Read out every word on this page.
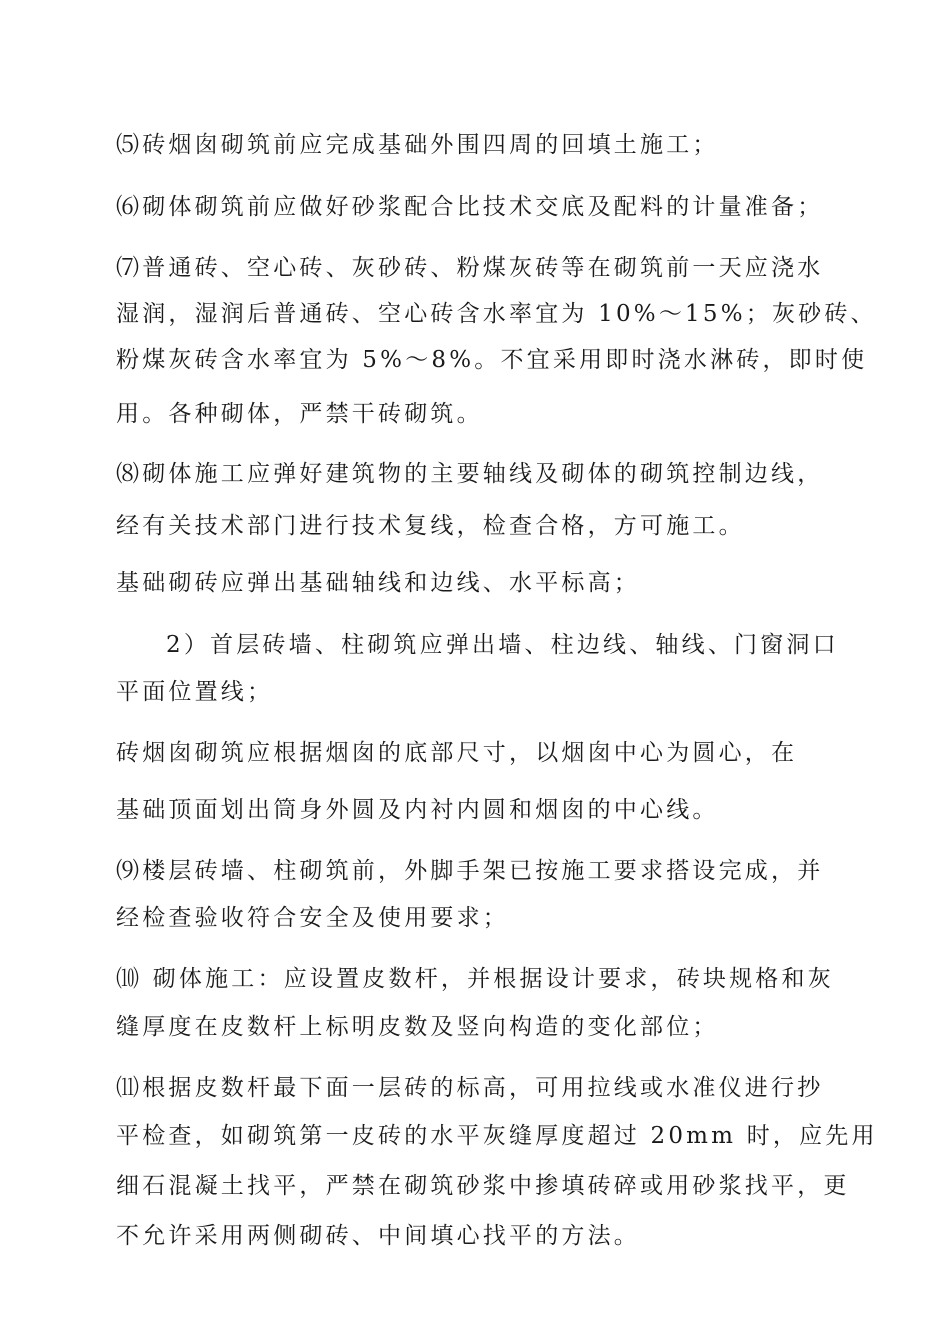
⑸砖烟囱砌筑前应完成基础外围四周的回填土施工；
⑹砌体砌筑前应做好砂浆配合比技术交底及配料的计量准备；
⑺普通砖、空心砖、灰砂砖、粉煤灰砖等在砌筑前一天应浇水
湿润，湿润后普通砖、空心砖含水率宜为 10%～15%；灰砂砖、
粉煤灰砖含水率宜为 5%～8%。不宜采用即时浇水淋砖，即时使
用。各种砌体，严禁干砖砌筑。
⑻砌体施工应弹好建筑物的主要轴线及砌体的砌筑控制边线，
经有关技术部门进行技术复线，检查合格，方可施工。
基础砌砖应弹出基础轴线和边线、水平标高；
2）首层砖墙、柱砌筑应弹出墙、柱边线、轴线、门窗洞口
平面位置线；
砖烟囱砌筑应根据烟囱的底部尺寸，以烟囱中心为圆心，在
基础顶面划出筒身外圆及内衬内圆和烟囱的中心线。
⑼楼层砖墙、柱砌筑前，外脚手架已按施工要求搭设完成，并
经检查验收符合安全及使用要求；
⑽ 砌体施工：应设置皮数杆，并根据设计要求，砖块规格和灰
缝厚度在皮数杆上标明皮数及竖向构造的变化部位；
⑾根据皮数杆最下面一层砖的标高，可用拉线或水准仪进行抄
平检查，如砌筑第一皮砖的水平灰缝厚度超过 20mm 时，应先用
细石混凝土找平，严禁在砌筑砂浆中掺填砖碎或用砂浆找平，更
不允许采用两侧砌砖、中间填心找平的方法。
